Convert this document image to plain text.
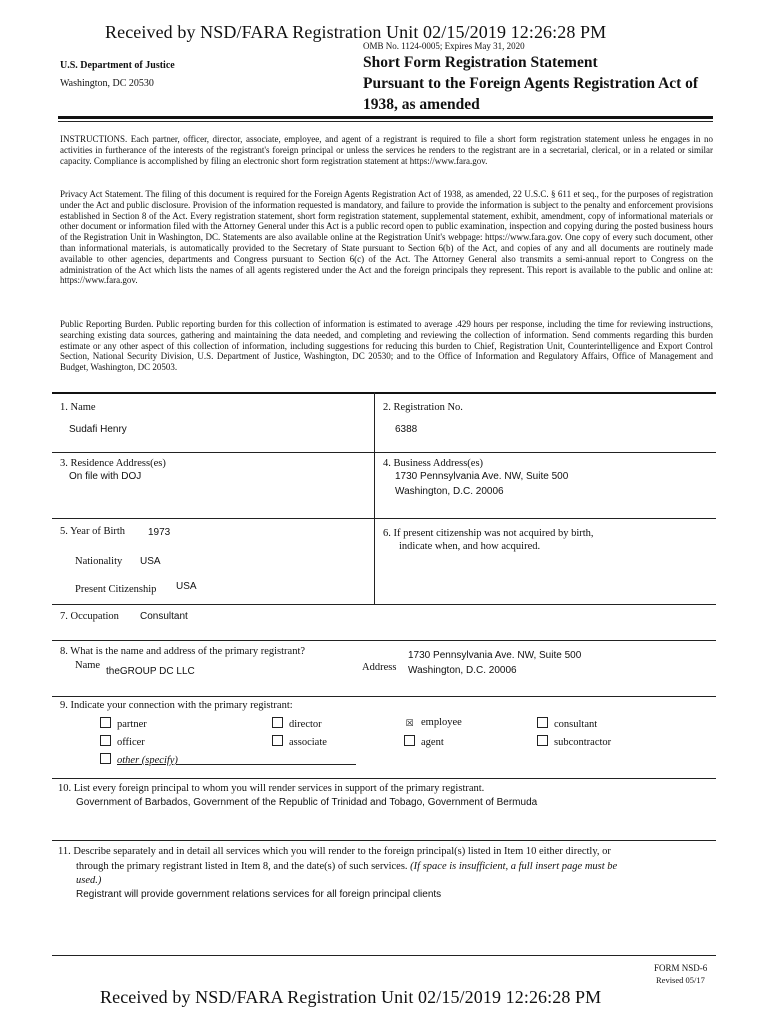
Received by NSD/FARA Registration Unit 02/15/2019 12:26:28 PM
OMB No. 1124-0005; Expires May 31, 2020
U.S. Department of Justice
Washington, DC 20530
Short Form Registration Statement
Pursuant to the Foreign Agents Registration Act of
1938, as amended
INSTRUCTIONS. Each partner, officer, director, associate, employee, and agent of a registrant is required to file a short form registration statement unless he engages in no activities in furtherance of the interests of the registrant's foreign principal or unless the services he renders to the registrant are in a secretarial, clerical, or in a related or similar capacity. Compliance is accomplished by filing an electronic short form registration statement at https://www.fara.gov.
Privacy Act Statement. The filing of this document is required for the Foreign Agents Registration Act of 1938, as amended, 22 U.S.C. § 611 et seq., for the purposes of registration under the Act and public disclosure. Provision of the information requested is mandatory, and failure to provide the information is subject to the penalty and enforcement provisions established in Section 8 of the Act. Every registration statement, short form registration statement, supplemental statement, exhibit, amendment, copy of informational materials or other document or information filed with the Attorney General under this Act is a public record open to public examination, inspection and copying during the posted business hours of the Registration Unit in Washington, DC. Statements are also available online at the Registration Unit's webpage: https://www.fara.gov. One copy of every such document, other than informational materials, is automatically provided to the Secretary of State pursuant to Section 6(b) of the Act, and copies of any and all documents are routinely made available to other agencies, departments and Congress pursuant to Section 6(c) of the Act. The Attorney General also transmits a semi-annual report to Congress on the administration of the Act which lists the names of all agents registered under the Act and the foreign principals they represent. This report is available to the public and online at: https://www.fara.gov.
Public Reporting Burden. Public reporting burden for this collection of information is estimated to average .429 hours per response, including the time for reviewing instructions, searching existing data sources, gathering and maintaining the data needed, and completing and reviewing the collection of information. Send comments regarding this burden estimate or any other aspect of this collection of information, including suggestions for reducing this burden to Chief, Registration Unit, Counterintelligence and Export Control Section, National Security Division, U.S. Department of Justice, Washington, DC 20530; and to the Office of Information and Regulatory Affairs, Office of Management and Budget, Washington, DC 20503.
1. Name
Sudafi Henry
2. Registration No.
6388
3. Residence Address(es)
On file with DOJ
4. Business Address(es)
1730 Pennsylvania Ave. NW, Suite 500
Washington, D.C. 20006
5. Year of Birth 1973
Nationality USA
Present Citizenship USA
6. If present citizenship was not acquired by birth,
indicate when, and how acquired.
7. Occupation Consultant
8. What is the name and address of the primary registrant?
Name
theGROUP DC LLC	Address
1730 Pennsylvania Ave. NW, Suite 500
Washington, D.C. 20006
9. Indicate your connection with the primary registrant:
partner
officer
other (specify)
director
associate
☒ employee
agent
consultant
subcontractor
10. List every foreign principal to whom you will render services in support of the primary registrant.
Government of Barbados, Government of the Republic of Trinidad and Tobago, Government of Bermuda
11. Describe separately and in detail all services which you will render to the foreign principal(s) listed in Item 10 either directly, or
through the primary registrant listed in Item 8, and the date(s) of such services. (If space is insufficient, a full insert page must be
used.)
Registrant will provide government relations services for all foreign principal clients
FORM NSD-6
Revised 05/17
Received by NSD/FARA Registration Unit 02/15/2019 12:26:28 PM
